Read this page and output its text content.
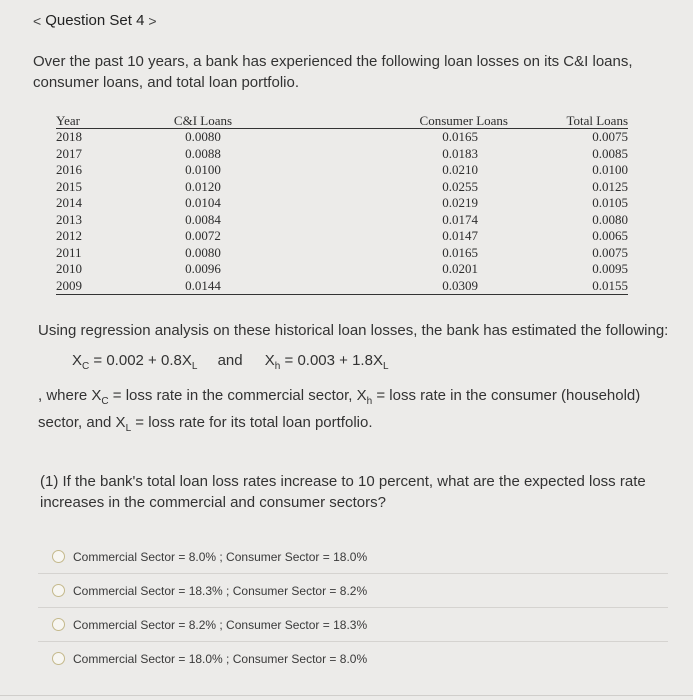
< Question Set 4 >
Over the past 10 years, a bank has experienced the following loan losses on its C&I loans, consumer loans, and total loan portfolio.
Year	C&I Loans	Consumer Loans	Total Loans
2018	0.0080	0.0165	0.0075
2017	0.0088	0.0183	0.0085
2016	0.0100	0.0210	0.0100
2015	0.0120	0.0255	0.0125
2014	0.0104	0.0219	0.0105
2013	0.0084	0.0174	0.0080
2012	0.0072	0.0147	0.0065
2011	0.0080	0.0165	0.0075
2010	0.0096	0.0201	0.0095
2009	0.0144	0.0309	0.0155
Using regression analysis on these historical loan losses, the bank has estimated the following:
$X_C = 0.002 + 0.8X_L$ and $X_h = 0.003 + 1.8X_L$
, where $X_C$ = loss rate in the commercial sector, $X_h$ = loss rate in the consumer (household) sector, and $X_L$ = loss rate for its total loan portfolio.
(1) If the bank's total loan loss rates increase to 10 percent, what are the expected loss rate increases in the commercial and consumer sectors?
Commercial Sector = 8.0% ; Consumer Sector = 18.0%
Commercial Sector = 18.3% ; Consumer Sector = 8.2%
Commercial Sector = 8.2% ; Consumer Sector = 18.3%
Commercial Sector = 18.0% ; Consumer Sector = 8.0%
